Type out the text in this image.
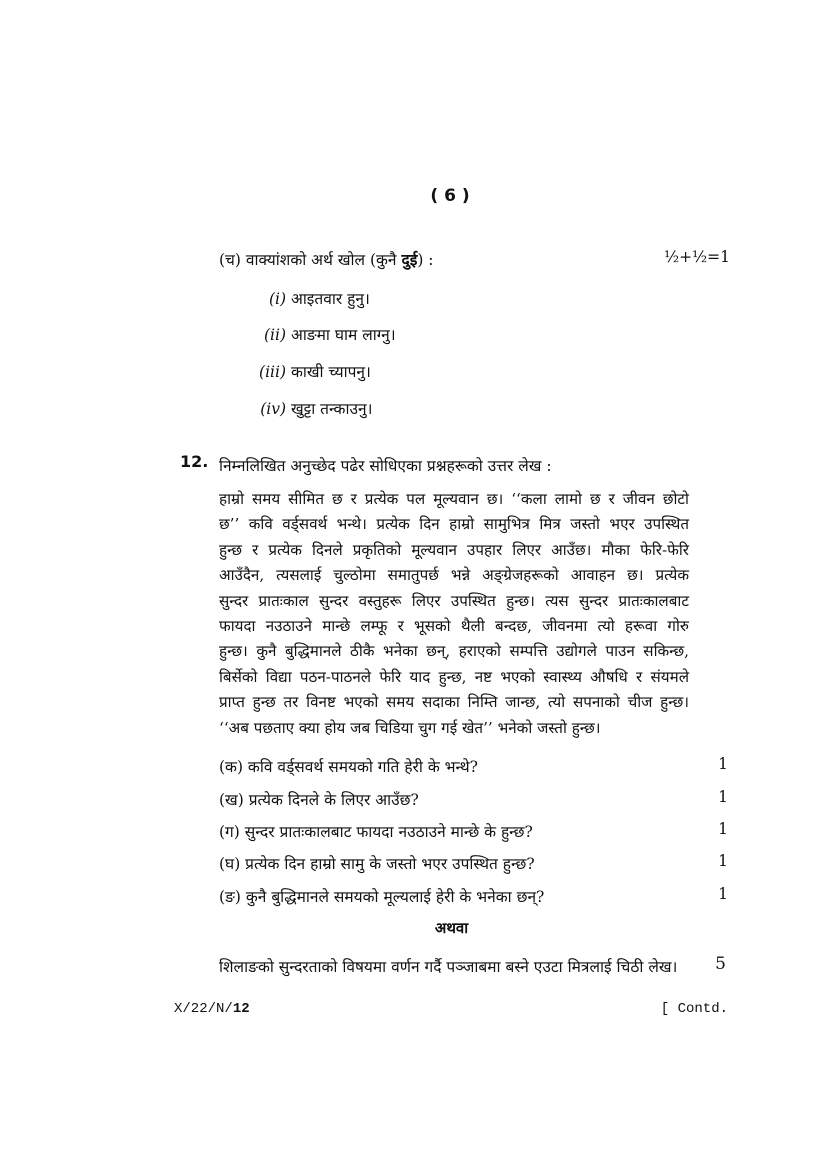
( 6 )
(च) वाक्यांशको अर्थ खोल (कुनै दुई) :	½+½=1
(i) आइतवार हुनु।
(ii) आङमा घाम लाग्नु।
(iii) काखी च्यापनु।
(iv) खुट्टा तन्काउनु।
12. निम्नलिखित अनुच्छेद पढेर सोधिएका प्रश्नहरूको उत्तर लेख :
हाम्रो समय सीमित छ र प्रत्येक पल मूल्यवान छ। ‘‘कला लामो छ र जीवन छोटो
छ’’ कवि वर्ड्सवर्थ भन्थे। प्रत्येक दिन हाम्रो सामुभित्र मित्र जस्तो भएर उपस्थित
हुन्छ र प्रत्येक दिनले प्रकृतिको मूल्यवान उपहार लिएर आउँछ। मौका फेरि-फेरि
आउँदैन, त्यसलाई चुल्ठोमा समातुपर्छ भन्ने अङ्ग्रेजहरूको आवाहन छ। प्रत्येक
सुन्दर प्रातःकाल सुन्दर वस्तुहरू लिएर उपस्थित हुन्छ। त्यस सुन्दर प्रातःकालबाट
फायदा नउठाउने मान्छे लम्फू र भूसको थैली बन्दछ, जीवनमा त्यो हरूवा गोरु
हुन्छ। कुनै बुद्धिमानले ठीकै भनेका छन्, हराएको सम्पत्ति उद्योगले पाउन सकिन्छ,
बिर्सेको विद्या पठन-पाठनले फेरि याद हुन्छ, नष्ट भएको स्वास्थ्य औषधि र संयमले
प्राप्त हुन्छ तर विनष्ट भएको समय सदाका निम्ति जान्छ, त्यो सपनाको चीज हुन्छ।
‘‘अब पछताए क्या होय जब चिडिया चुग गई खेत’’ भनेको जस्तो हुन्छ।
(क) कवि वर्ड्सवर्थ समयको गति हेरी के भन्थे?	1
(ख) प्रत्येक दिनले के लिएर आउँछ?	1
(ग) सुन्दर प्रातःकालबाट फायदा नउठाउने मान्छे के हुन्छ?	1
(घ) प्रत्येक दिन हाम्रो सामु के जस्तो भएर उपस्थित हुन्छ?	1
(ङ) कुनै बुद्धिमानले समयको मूल्यलाई हेरी के भनेका छन्?	1
अथवा
शिलाङको सुन्दरताको विषयमा वर्णन गर्दै पञ्जाबमा बस्ने एउटा मित्रलाई चिठी लेख। 5
X/22/N/12	[ Contd.
